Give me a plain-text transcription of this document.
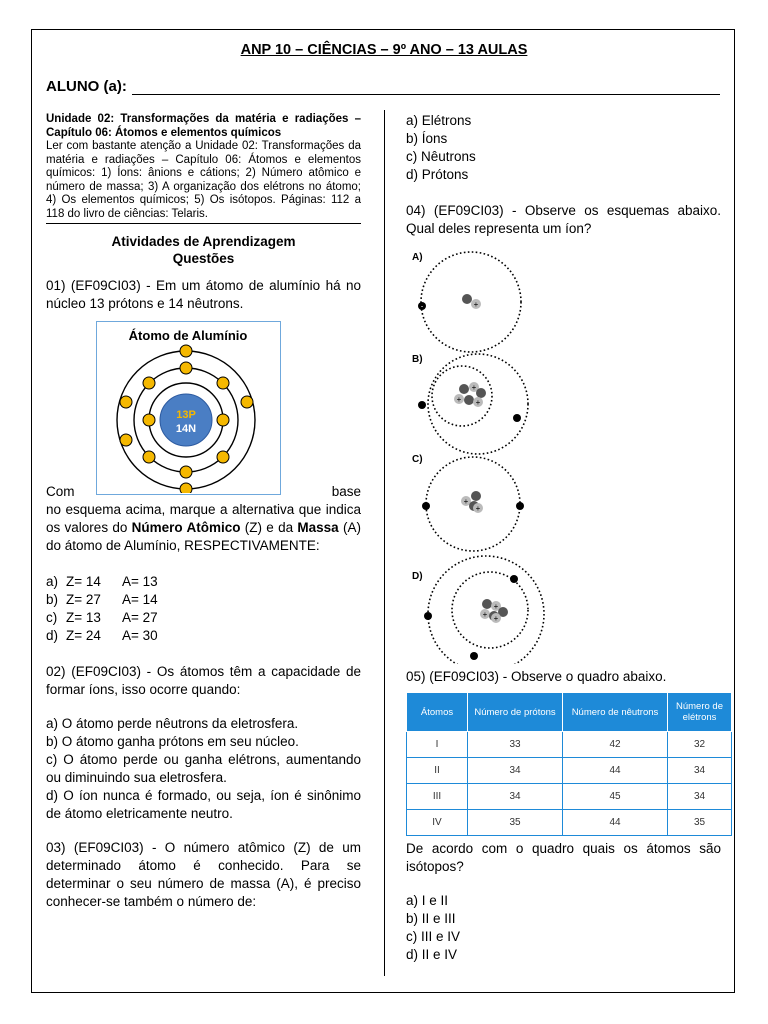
ANP 10 – CIÊNCIAS – 9º ANO – 13 AULAS
ALUNO (a):
Unidade 02: Transformações da matéria e radiações – Capítulo 06: Átomos e elementos químicos
Ler com bastante atenção a Unidade 02: Transformações da matéria e radiações – Capítulo 06: Átomos e elementos químicos: 1) Íons: ânions e cátions; 2) Número atômico e número de massa; 3) A organização dos elétrons no átomo; 4) Os elementos químicos; 5) Os isótopos. Páginas: 112 a 118 do livro de ciências: Telaris.
Atividades de Aprendizagem
Questões

01) (EF09CI03) - Em um átomo de alumínio há no núcleo 13 prótons e 14 nêutrons.

Átomo de Alumínio
13P
14N
Com	base

no esquema acima, marque a alternativa que indica os valores do Número Atômico (Z) e da Massa (A) do átomo de Alumínio, RESPECTIVAMENTE:

a) Z= 14 A= 13
b) Z= 27 A= 14
c) Z= 13 A= 27
d) Z= 24 A= 30

02) (EF09CI03) - Os átomos têm a capacidade de formar íons, isso ocorre quando:

a) O átomo perde nêutrons da eletrosfera.
b) O átomo ganha prótons em seu núcleo.
c) O átomo perde ou ganha elétrons, aumentando ou diminuindo sua eletrosfera.
d) O íon nunca é formado, ou seja, íon é sinônimo de átomo eletricamente neutro.

03) (EF09CI03) - O número atômico (Z) de um determinado átomo é conhecido. Para se determinar o seu número de massa (A), é preciso conhecer-se também o número de:

a) Elétrons
b) Íons
c) Nêutrons
d) Prótons

04) (EF09CI03) - Observe os esquemas abaixo. Qual deles representa um íon?

A)
-	+
B)
+
+ +
C)
+
+
D)
+
+ +

05) (EF09CI03) - Observe o quadro abaixo.

Átomos	Número de prótons	Número de nêutrons	Número de elétrons
I	33	42	32
II	34	44	34
III	34	45	34
IV	35	44	35

De acordo com o quadro quais os átomos são isótopos?

a) I e II
b) II e III
c) III e IV
d) II e IV
